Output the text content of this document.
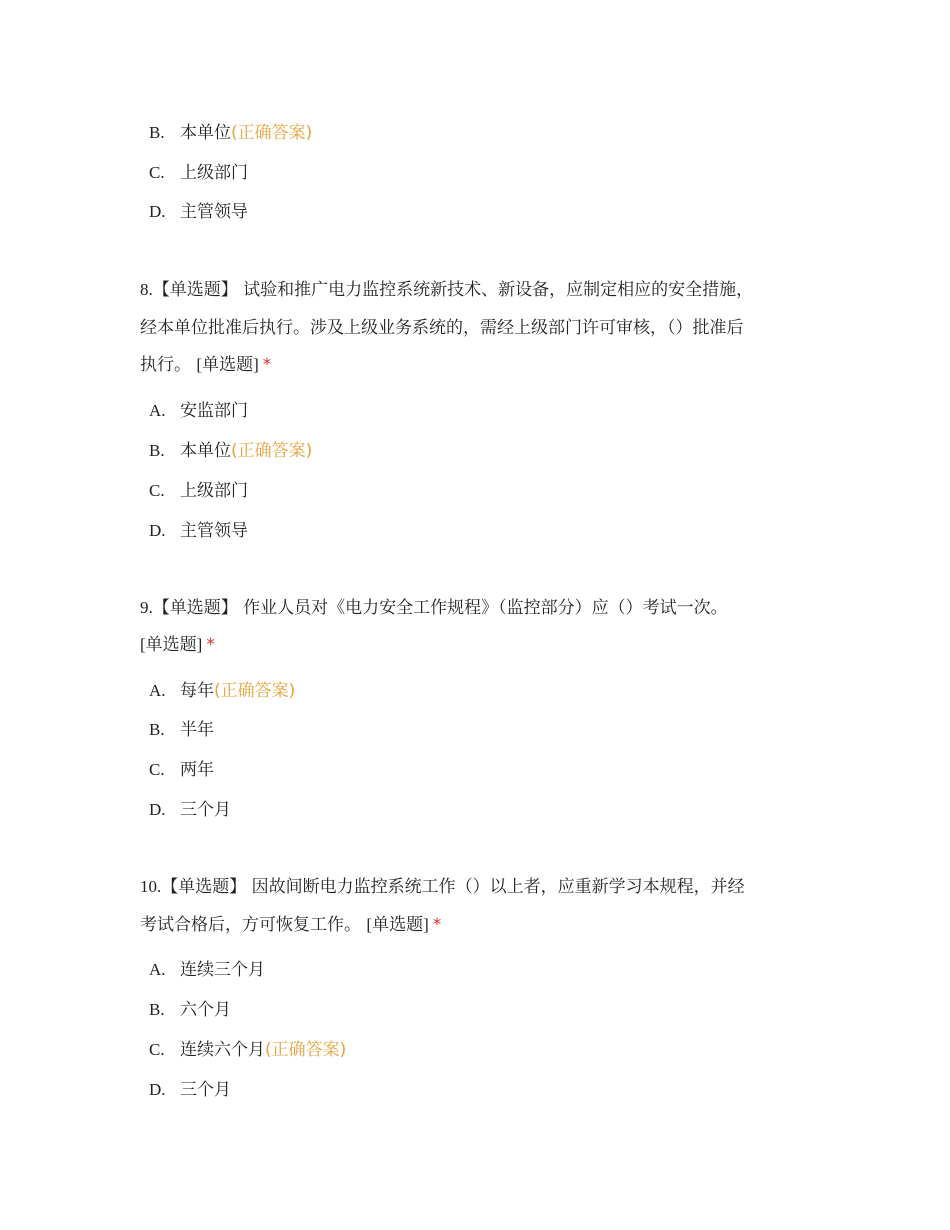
B. 本单位(正确答案)
C. 上级部门
D. 主管领导
8.【单选题】 试验和推广电力监控系统新技术、新设备，应制定相应的安全措施，
经本单位批准后执行。涉及上级业务系统的，需经上级部门许可审核，（）批准后
执行。 [单选题] *
A. 安监部门
B. 本单位(正确答案)
C. 上级部门
D. 主管领导
9.【单选题】 作业人员对《电力安全工作规程》（监控部分）应（）考试一次。
[单选题] *
A. 每年(正确答案)
B. 半年
C. 两年
D. 三个月
10.【单选题】 因故间断电力监控系统工作（）以上者，应重新学习本规程，并经
考试合格后，方可恢复工作。 [单选题] *
A. 连续三个月
B. 六个月
C. 连续六个月(正确答案)
D. 三个月
